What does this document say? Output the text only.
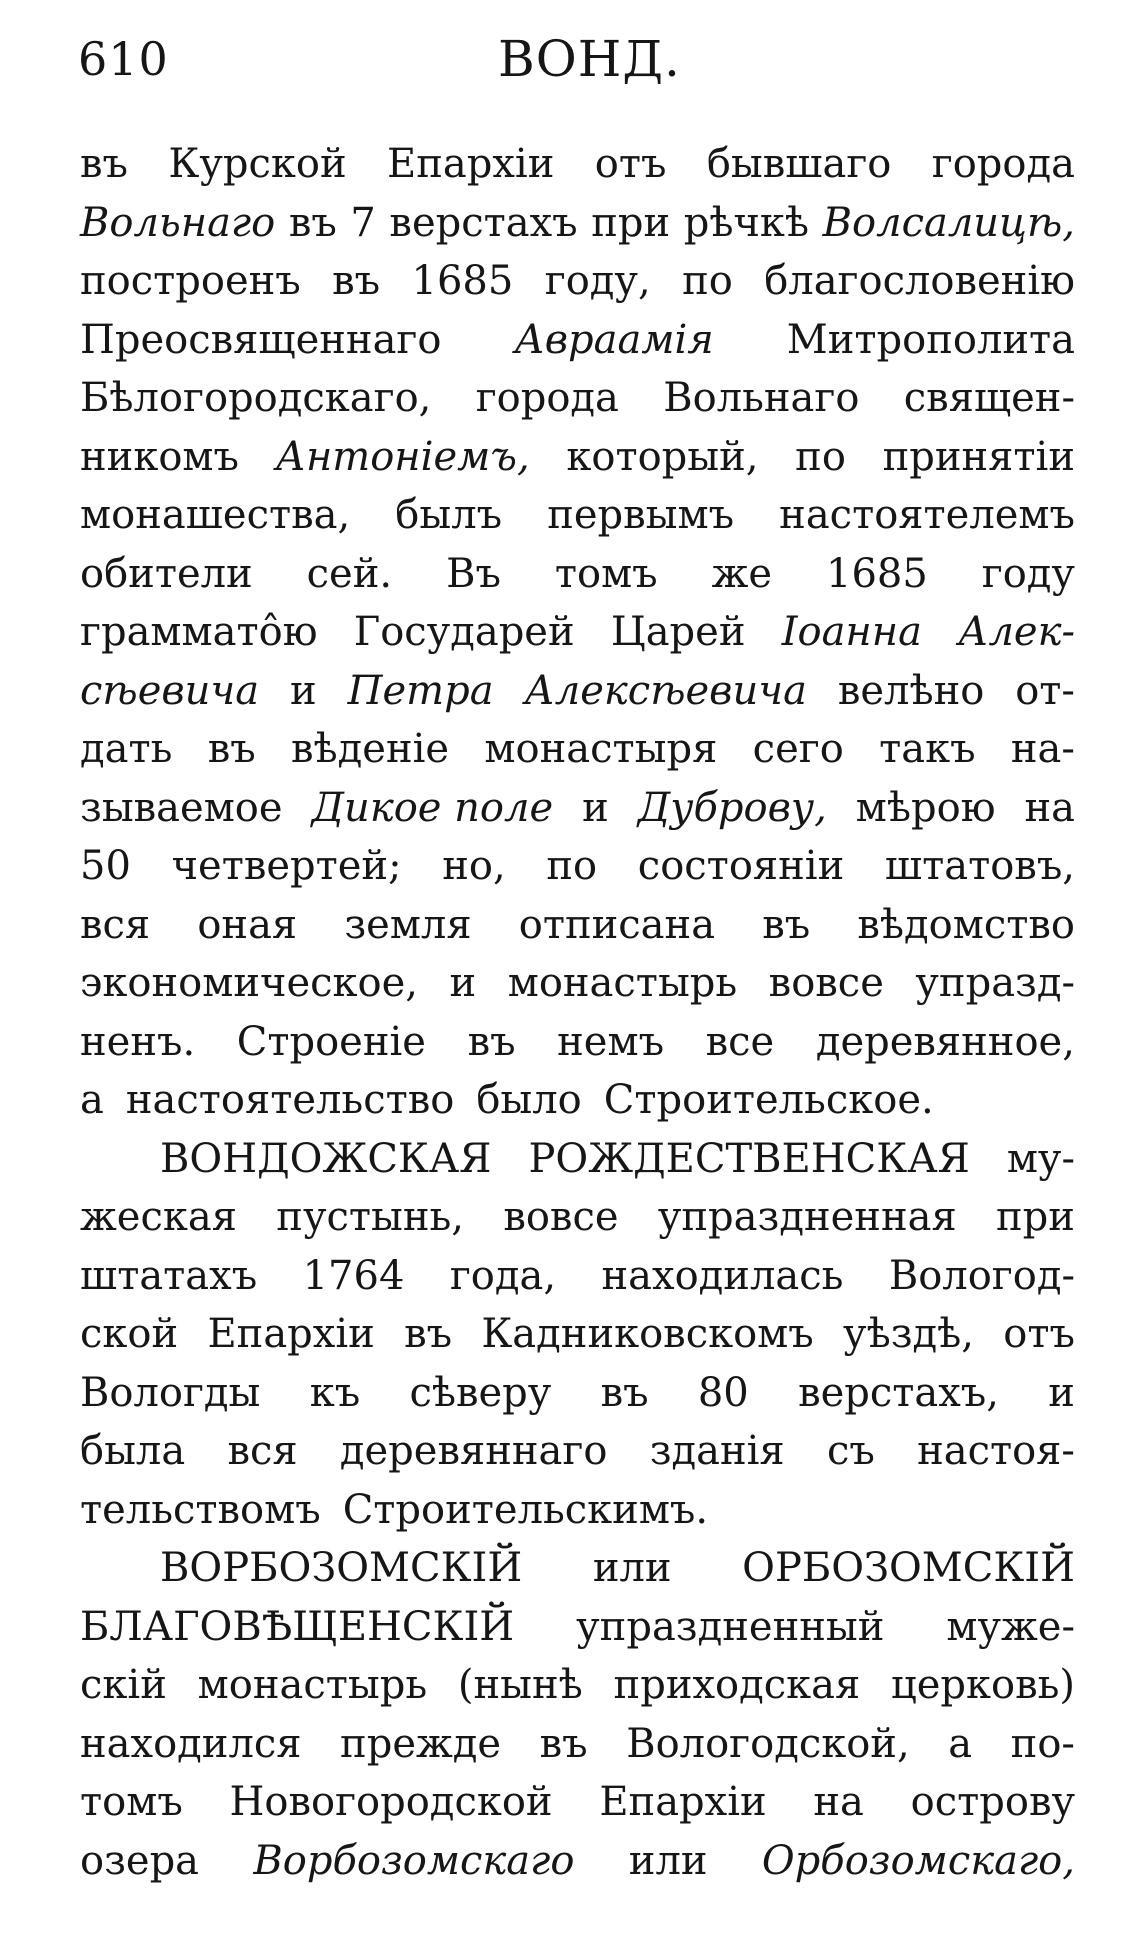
610	ВОНД.
въ Курской Епархіи отъ бывшаго города
Вольнаго въ 7 верстахъ при рѣчкѣ Волсалицѣ,
построенъ въ 1685 году, по благословенію
Преосвященнаго Авраамія Митрополита
Бѣлогородскаго, города Вольнаго священ-
никомъ Антоніемъ, который, по принятіи
монашества, былъ первымъ настоятелемъ
обители сей. Въ томъ же 1685 году
граммато̂ю Государей Царей Іоанна Алек-
сѣевича и Петра Алексѣевича велѣно от-
дать въ вѣденіе монастыря сего такъ на-
зываемое Дикое поле и Дуброву, мѣрою на
50 четвертей; но, по состояніи штатовъ,
вся оная земля отписана въ вѣдомство
экономическое, и монастырь вовсе упразд-
ненъ. Строеніе въ немъ все деревянное,
а настоятельство было Строительское.
ВОНДОЖСКАЯ РОЖДЕСТВЕНСКАЯ му-
жеская пустынь, вовсе упраздненная при
штатахъ 1764 года, находилась Вологод-
ской Епархіи въ Кадниковскомъ уѣздѣ, отъ
Вологды къ сѣверу въ 80 верстахъ, и
была вся деревяннаго зданія съ настоя-
тельствомъ Строительскимъ.
ВОРБОЗОМСКІЙ или ОРБОЗОМСКІЙ
БЛАГОВѢЩЕНСКІЙ упраздненный муже-
скій монастырь (нынѣ приходская церковь)
находился прежде въ Вологодской, а по-
томъ Новогородской Епархіи на острову
озера Ворбозомскаго или Орбозомскаго,
